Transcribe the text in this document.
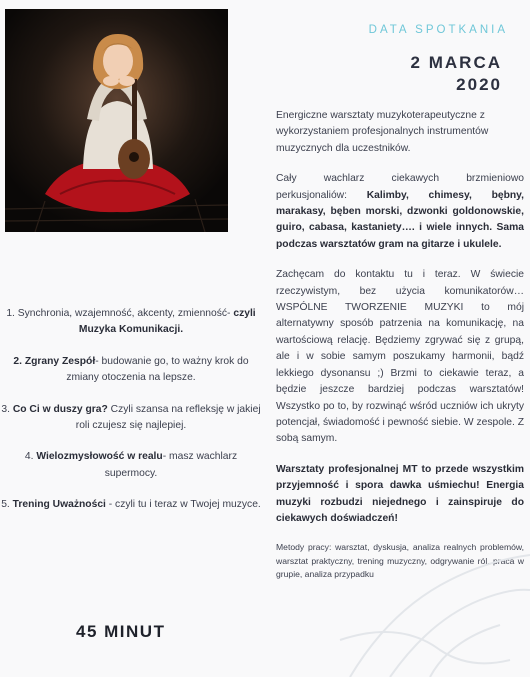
DATA SPOTKANIA
2 MARCA
2020

Energiczne warsztaty muzykoterapeutyczne z wykorzystaniem profesjonalnych instrumentów muzycznych dla uczestników.

Cały wachlarz ciekawych brzmieniowo perkusjonaliów: Kalimby, chimesy, bębny, marakasy, bęben morski, dzwonki goldonowskie, guiro, cabasa, kastaniety…. i wiele innych. Sama podczas warsztatów gram na gitarze i ukulele.

Zachęcam do kontaktu tu i teraz. W świecie rzeczywistym, bez użycia komunikatorów… WSPÓLNE TWORZENIE MUZYKI to mój alternatywny sposób patrzenia na komunikację, na wartościową relację. Będziemy zgrywać się z grupą, ale i w sobie samym poszukamy harmonii, bądź lekkiego dysonansu ;) Brzmi to ciekawie teraz, a będzie jeszcze bardziej podczas warsztatów! Wszystko po to, by rozwinąć wśród uczniów ich ukryty potencjał, świadomość i pewność siebie. W zespole. Z sobą samym.

Warsztaty profesjonalnej MT to przede wszystkim przyjemność i spora dawka uśmiechu! Energia muzyki rozbudzi niejednego i zainspiruje do ciekawych doświadczeń!

Metody pracy: warsztat, dyskusja, analiza realnych problemów, warsztat praktyczny, trening muzyczny, odgrywanie ról, praca w grupie, analiza przypadku

1. Synchronia, wzajemność, akcenty, zmienność- czyli Muzyka Komunikacji.
2. Zgrany Zespół- budowanie go, to ważny krok do zmiany otoczenia na lepsze.
3. Co Ci w duszy gra? Czyli szansa na refleksję w jakiej roli czujesz się najlepiej.
4. Wielozmysłowość w realu- masz wachlarz supermocy.
5. Trening Uważności - czyli tu i teraz w Twojej muzyce.
45 MINUT
